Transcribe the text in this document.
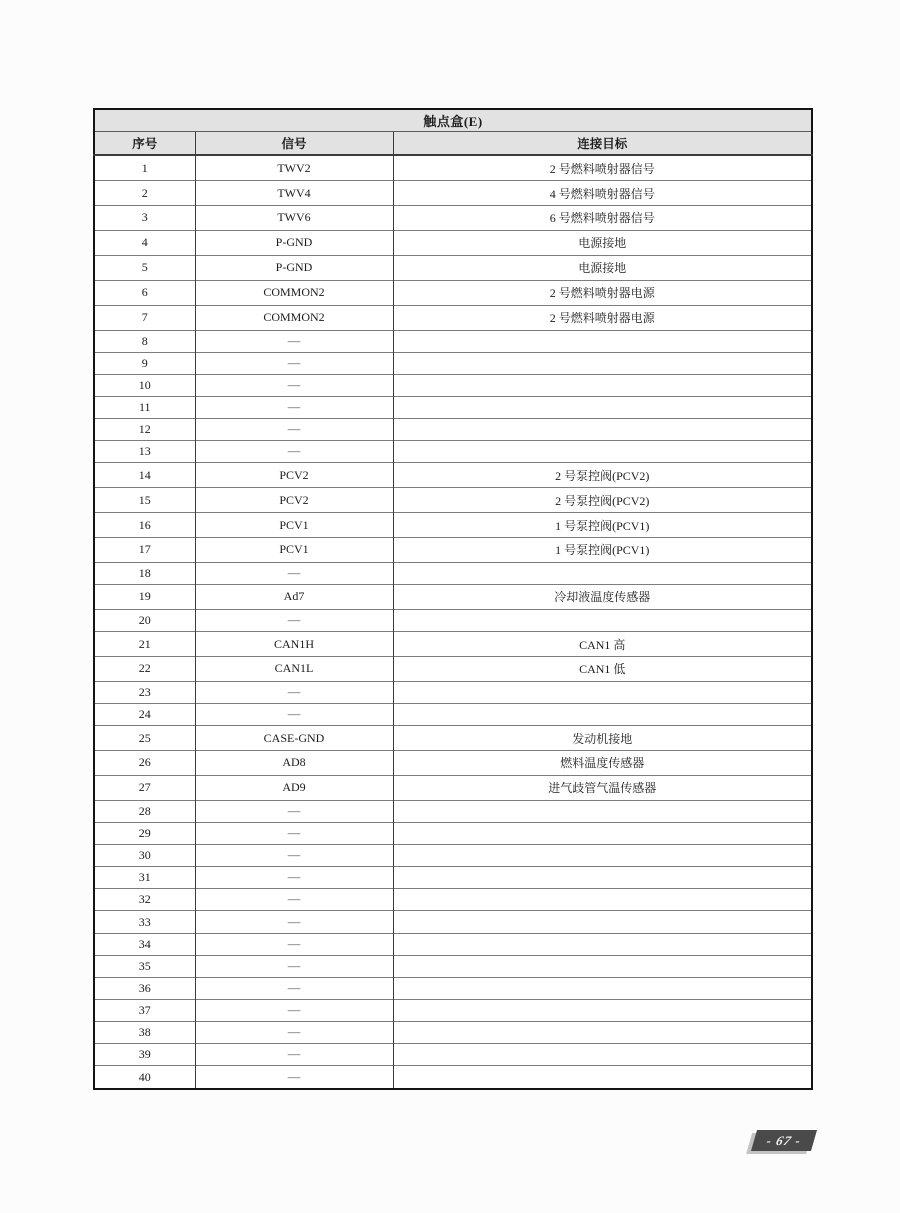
触点盒(E)		
序号	信号	连接目标
1	TWV2	2 号燃料喷射器信号
2	TWV4	4 号燃料喷射器信号
3	TWV6	6 号燃料喷射器信号
4	P-GND	电源接地
5	P-GND	电源接地
6	COMMON2	2 号燃料喷射器电源
7	COMMON2	2 号燃料喷射器电源
8	—	
9	—	
10	—	
11	—	
12	—	
13	—	
14	PCV2	2 号泵控阀(PCV2)
15	PCV2	2 号泵控阀(PCV2)
16	PCV1	1 号泵控阀(PCV1)
17	PCV1	1 号泵控阀(PCV1)
18	—	
19	Ad7	冷却液温度传感器
20	—	
21	CAN1H	CAN1 高
22	CAN1L	CAN1 低
23	—	
24	—	
25	CASE-GND	发动机接地
26	AD8	燃料温度传感器
27	AD9	进气歧管气温传感器
28	—	
29	—	
30	—	
31	—	
32	—	
33	—	
34	—	
35	—	
36	—	
37	—	
38	—	
39	—	
40	—	
- 67 -
